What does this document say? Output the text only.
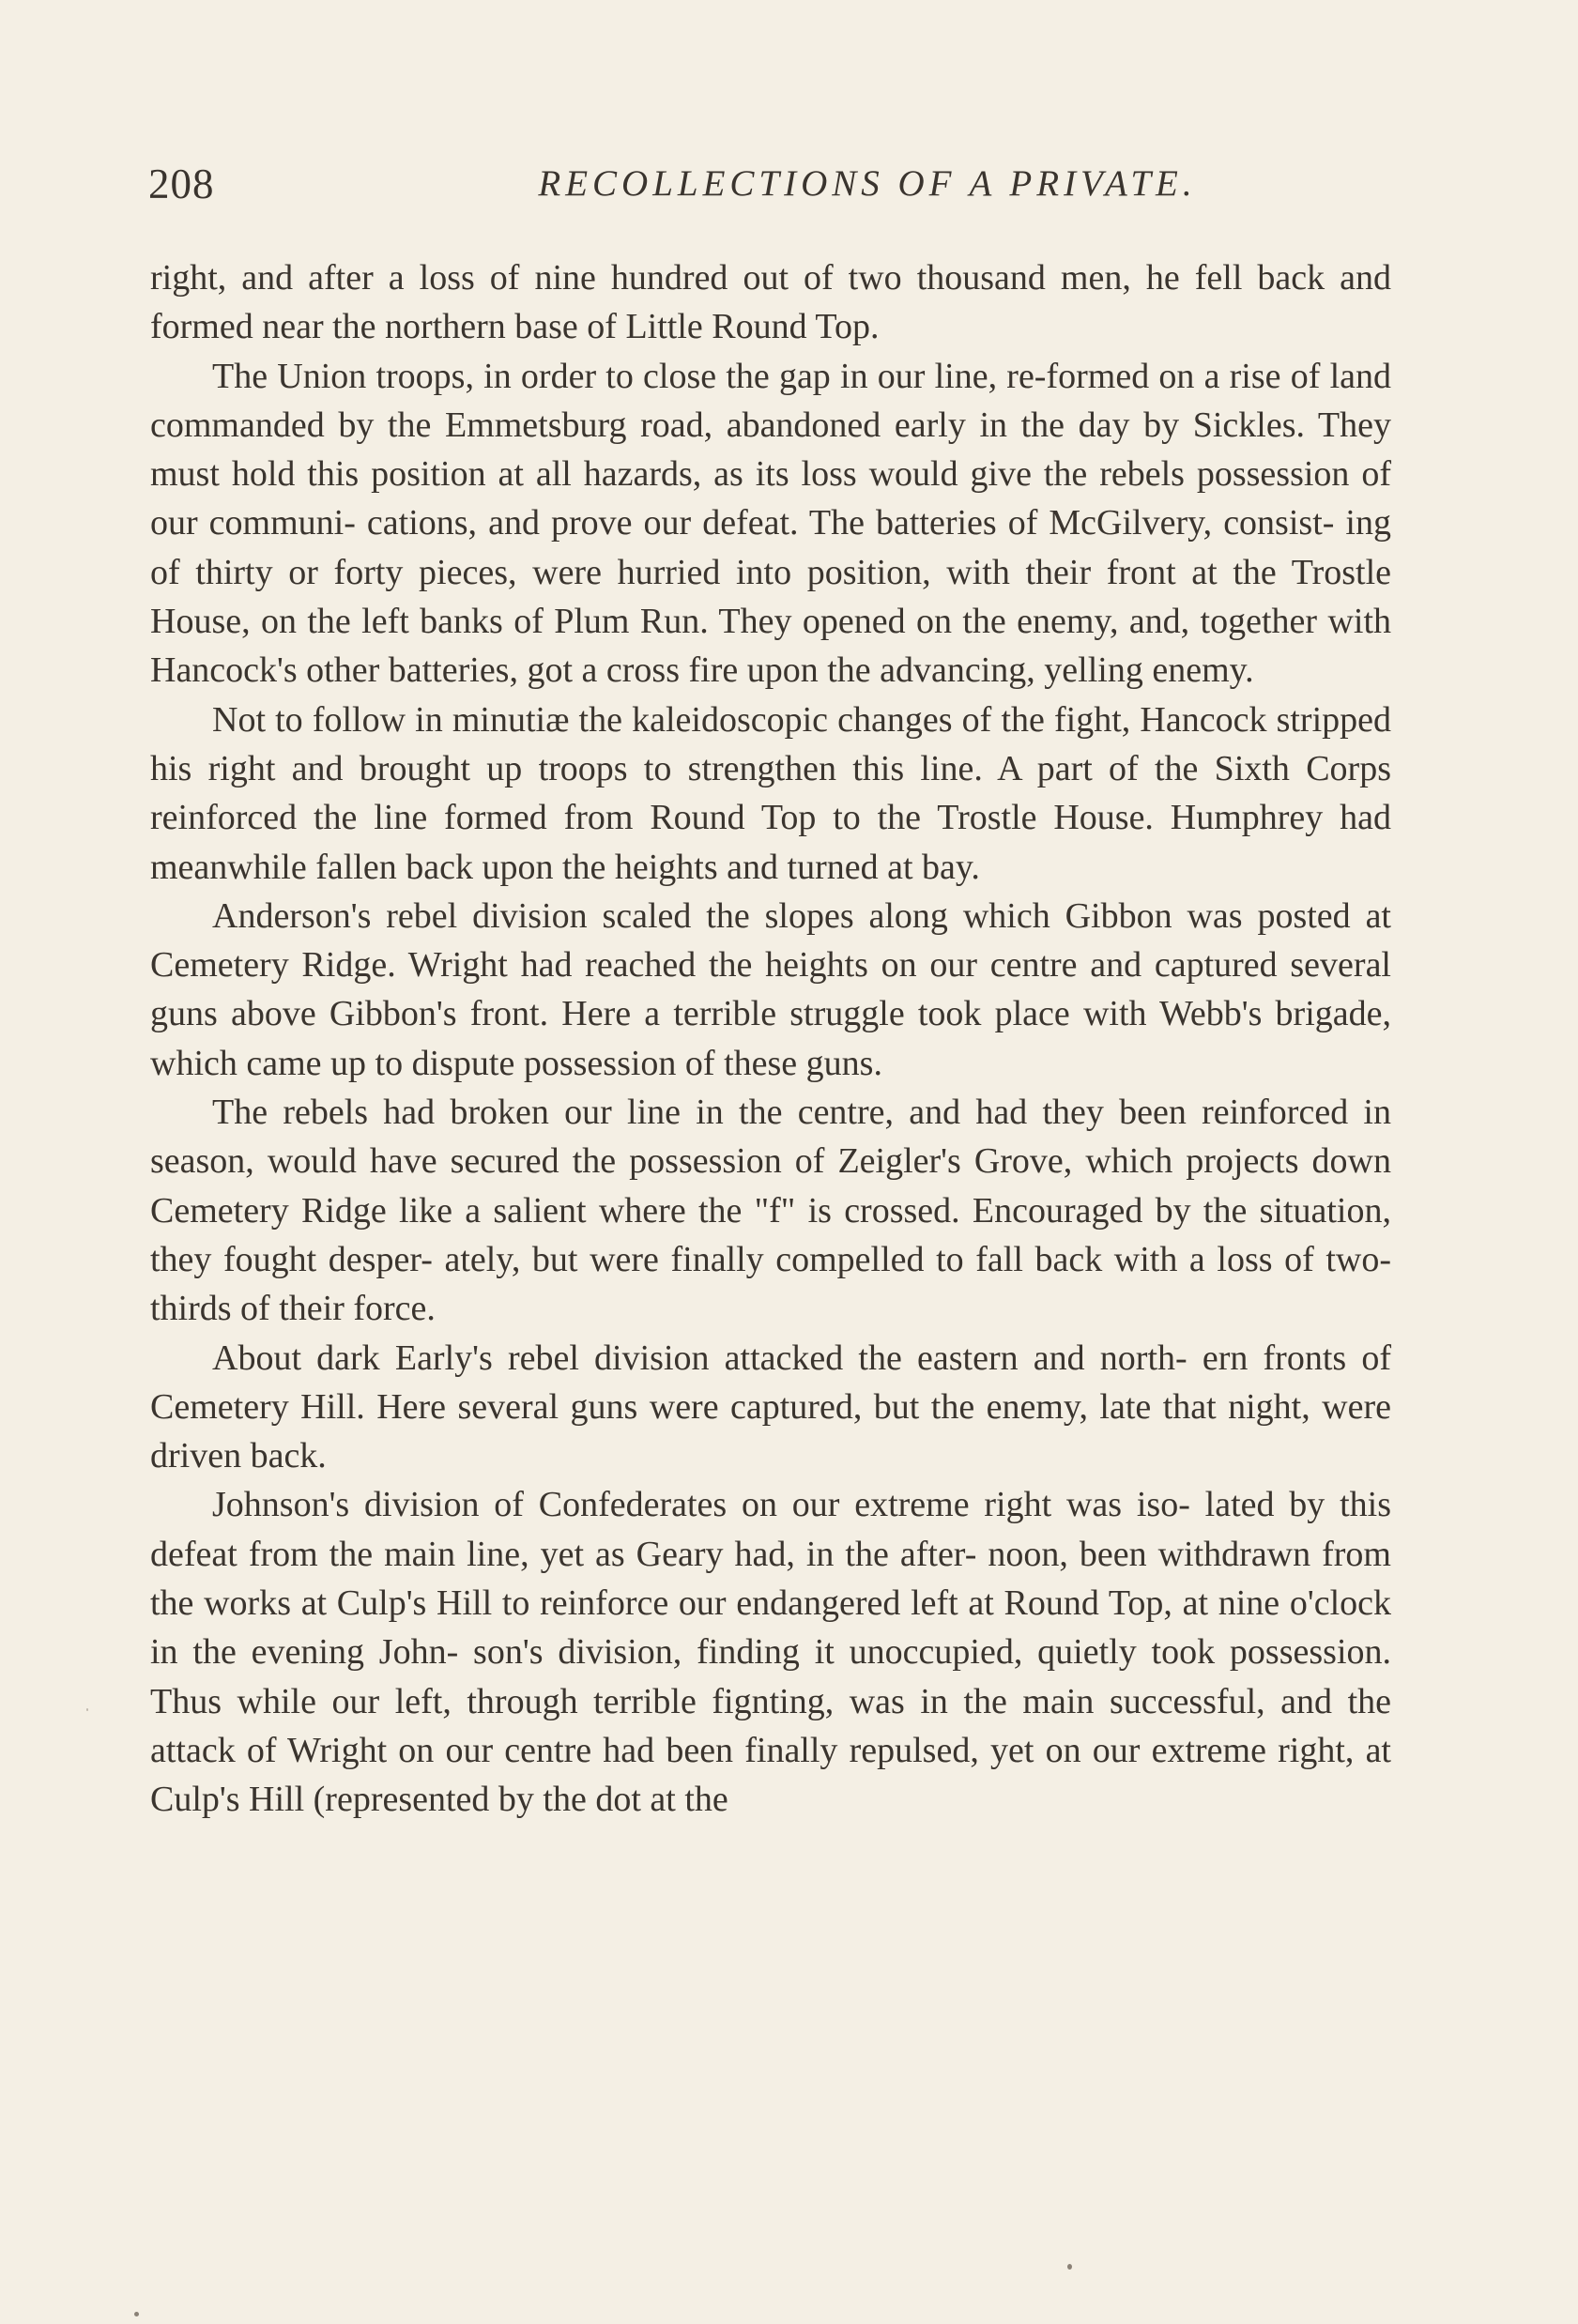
208	RECOLLECTIONS OF A PRIVATE.

right, and after a loss of nine hundred out of two thousand men, he fell back and formed near the northern base of Little Round Top.

The Union troops, in order to close the gap in our line, re-formed on a rise of land commanded by the Emmetsburg road, abandoned early in the day by Sickles. They must hold this position at all hazards, as its loss would give the rebels possession of our communi- cations, and prove our defeat. The batteries of McGilvery, consist- ing of thirty or forty pieces, were hurried into position, with their front at the Trostle House, on the left banks of Plum Run. They opened on the enemy, and, together with Hancock's other batteries, got a cross fire upon the advancing, yelling enemy.

Not to follow in minutiæ the kaleidoscopic changes of the fight, Hancock stripped his right and brought up troops to strengthen this line. A part of the Sixth Corps reinforced the line formed from Round Top to the Trostle House. Humphrey had meanwhile fallen back upon the heights and turned at bay.

Anderson's rebel division scaled the slopes along which Gibbon was posted at Cemetery Ridge. Wright had reached the heights on our centre and captured several guns above Gibbon's front. Here a terrible struggle took place with Webb's brigade, which came up to dispute possession of these guns.

The rebels had broken our line in the centre, and had they been reinforced in season, would have secured the possession of Zeigler's Grove, which projects down Cemetery Ridge like a salient where the "f" is crossed. Encouraged by the situation, they fought desper- ately, but were finally compelled to fall back with a loss of two-thirds of their force.

About dark Early's rebel division attacked the eastern and north- ern fronts of Cemetery Hill. Here several guns were captured, but the enemy, late that night, were driven back.

Johnson's division of Confederates on our extreme right was iso- lated by this defeat from the main line, yet as Geary had, in the after- noon, been withdrawn from the works at Culp's Hill to reinforce our endangered left at Round Top, at nine o'clock in the evening John- son's division, finding it unoccupied, quietly took possession. Thus while our left, through terrible fignting, was in the main successful, and the attack of Wright on our centre had been finally repulsed, yet on our extreme right, at Culp's Hill (represented by the dot at the
